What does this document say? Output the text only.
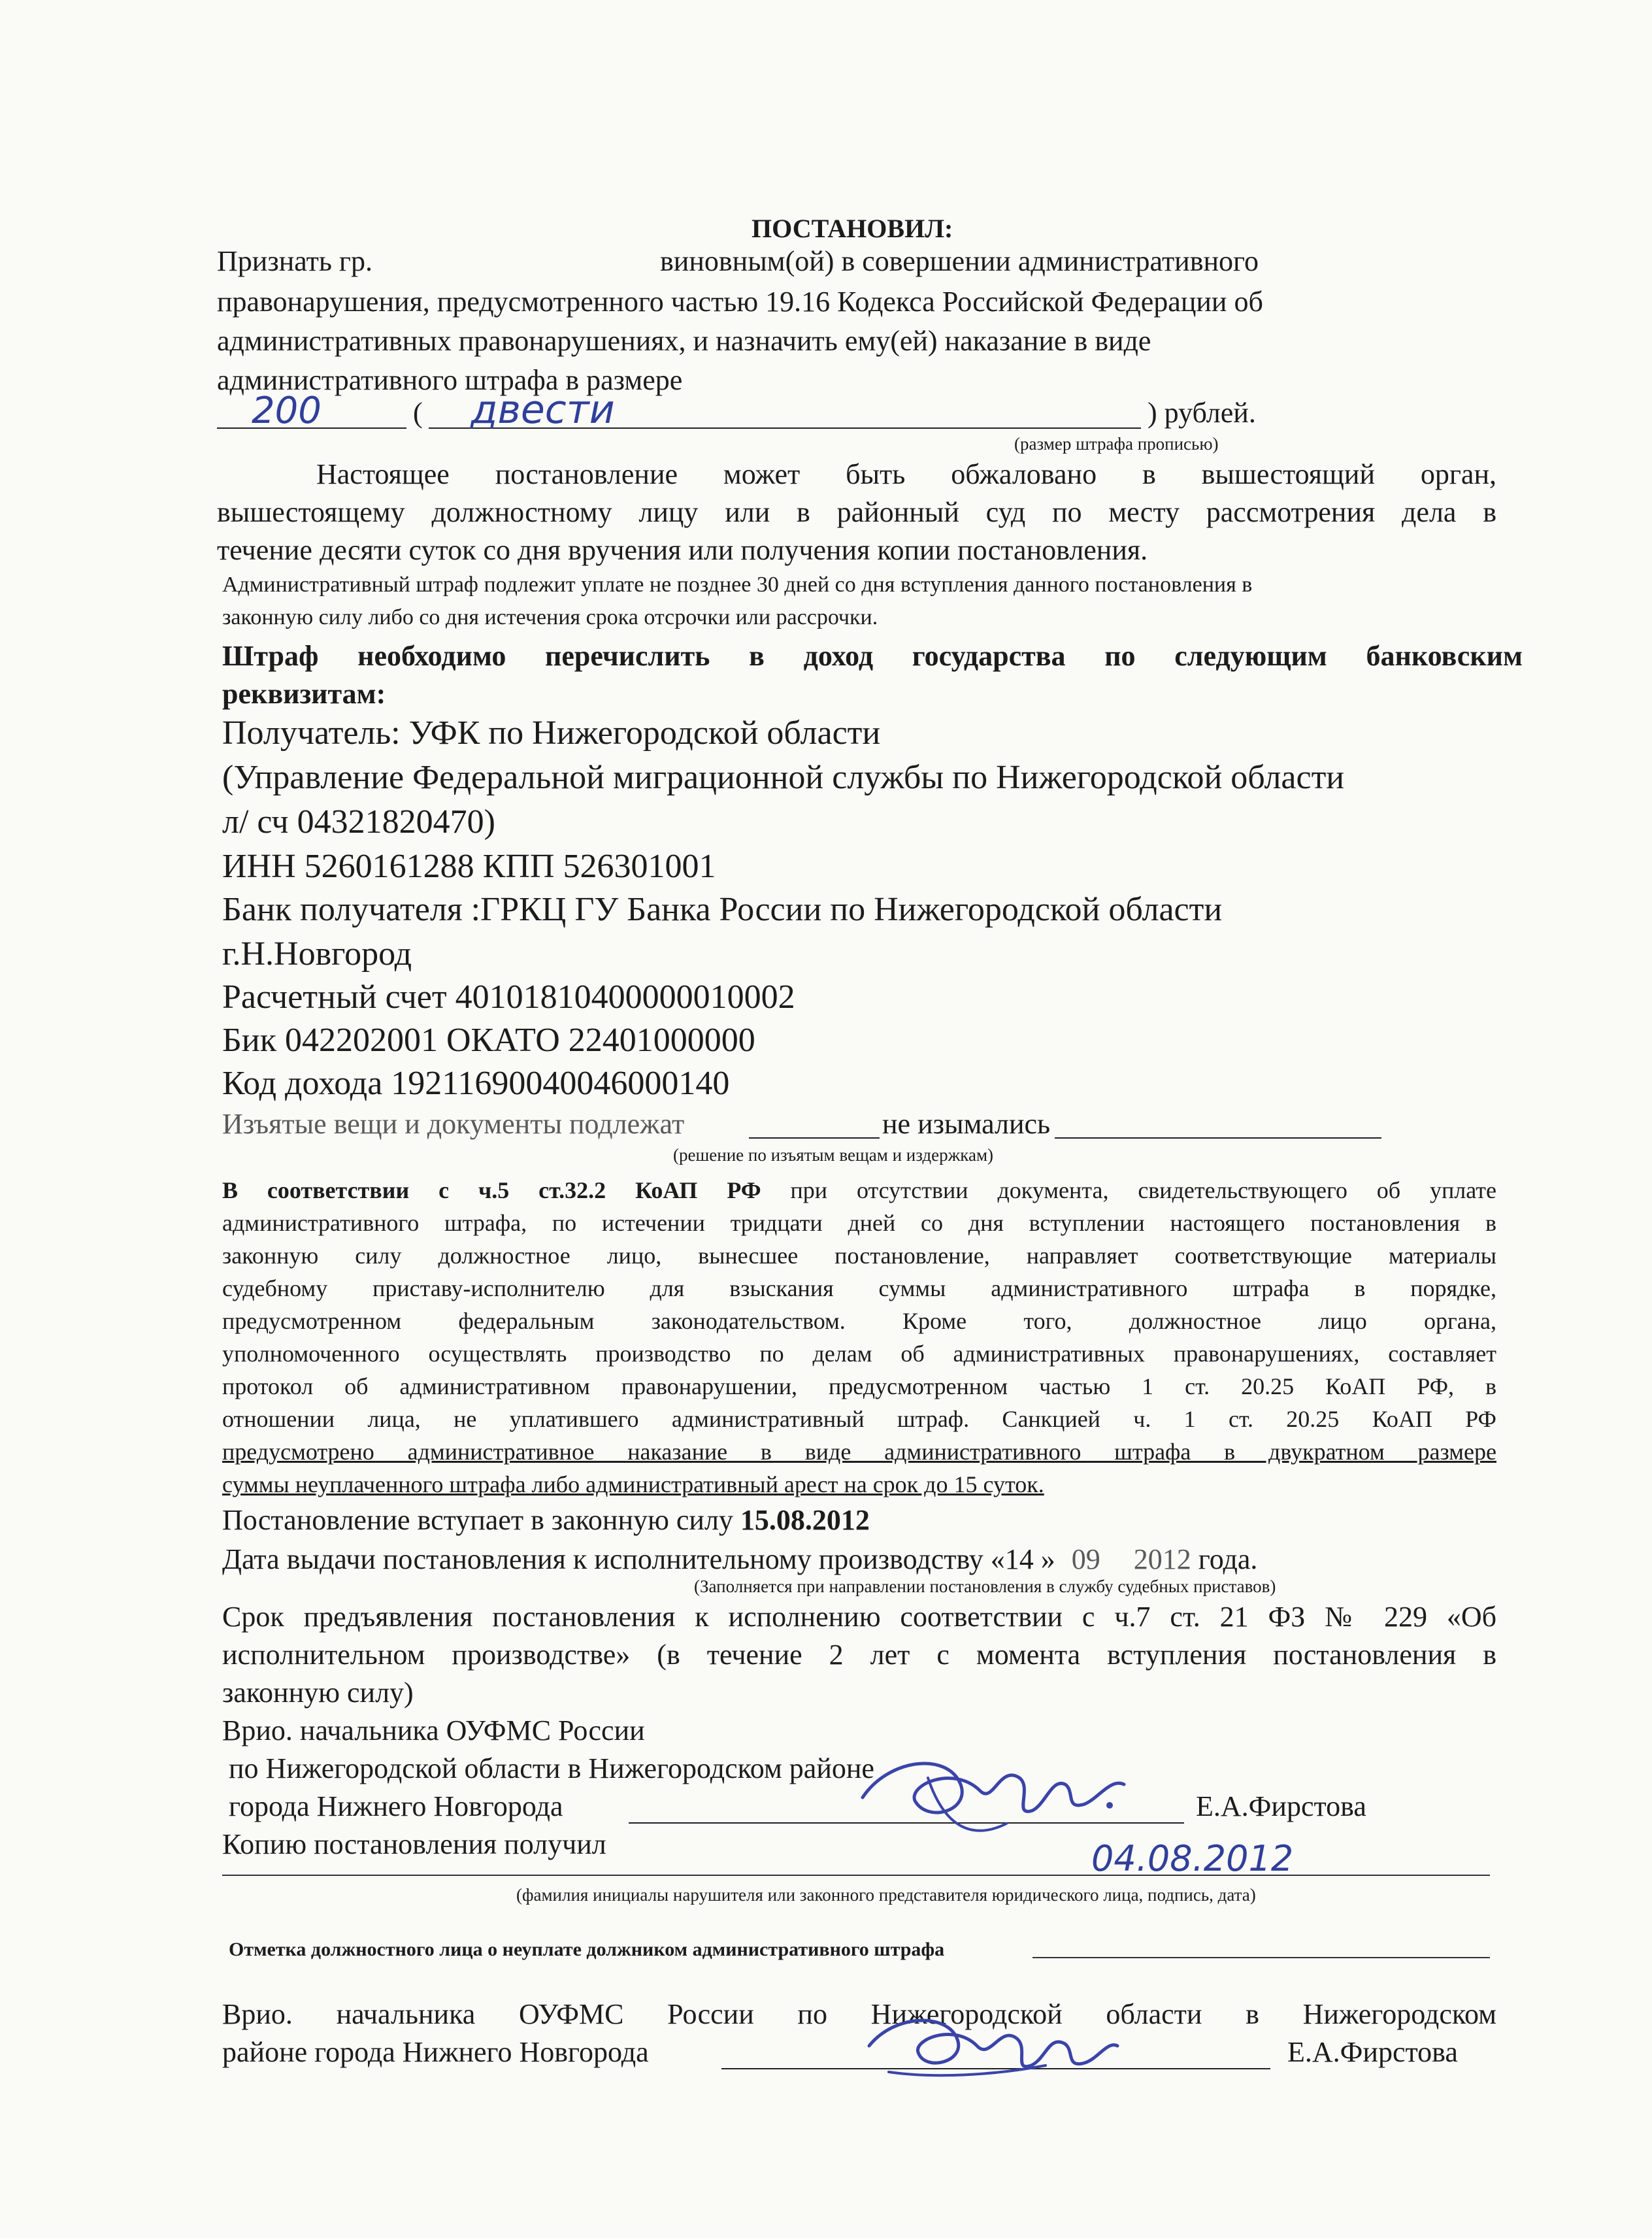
ПОСТАНОВИЛ:
Признать гр.	виновным(ой) в совершении административного
правонарушения, предусмотренного частью 19.16 Кодекса Российской Федерации об
административных правонарушениях, и назначить ему(ей) наказание в виде
административного штрафа в размере
200	( двести	) рублей.
(размер штрафа прописью)
Настоящее постановление может быть обжаловано в вышестоящий орган,
вышестоящему должностному лицу или в районный суд по месту рассмотрения дела в
течение десяти суток со дня вручения или получения копии постановления.
Административный штраф подлежит уплате не позднее 30 дней со дня вступления данного постановления в
законную силу либо со дня истечения срока отсрочки или рассрочки.
Штраф необходимо перечислить в доход государства по следующим банковским
реквизитам:
Получатель: УФК по Нижегородской области
(Управление Федеральной миграционной службы по Нижегородской области
л/ сч 04321820470)
ИНН 5260161288 КПП 526301001
Банк получателя :ГРКЦ ГУ Банка России по Нижегородской области
г.Н.Новгород
Расчетный счет 40101810400000010002
Бик 042202001 ОКАТО 22401000000
Код дохода 19211690040046000140
Изъятые вещи и документы подлежат	не изымались
(решение по изъятым вещам и издержкам)
В соответствии с ч.5 ст.32.2 КоАП РФ при отсутствии документа, свидетельствующего об уплате
административного штрафа, по истечении тридцати дней со дня вступлении настоящего постановления в
законную силу должностное лицо, вынесшее постановление, направляет соответствующие материалы
судебному приставу-исполнителю для взыскания суммы административного штрафа в порядке,
предусмотренном федеральным законодательством. Кроме того, должностное лицо органа,
уполномоченного осуществлять производство по делам об административных правонарушениях, составляет
протокол об административном правонарушении, предусмотренном частью 1 ст. 20.25 КоАП РФ, в
отношении лица, не уплатившего административный штраф. Санкцией ч. 1 ст. 20.25 КоАП РФ
предусмотрено административное наказание в виде административного штрафа в двукратном размере
суммы неуплаченного штрафа либо административный арест на срок до 15 суток.
Постановление вступает в законную силу 15.08.2012
Дата выдачи постановления к исполнительному производству «14 » 09 2012 года.
(Заполняется при направлении постановления в службу судебных приставов)
Срок предъявления постановления к исполнению соответствии с ч.7 ст. 21 ФЗ № 229 «Об
исполнительном производстве» (в течение 2 лет с момента вступления постановления в
законную силу)
Врио. начальника ОУФМС России
по Нижегородской области в Нижегородском районе
города Нижнего Новгорода	Е.А.Фирстова
Копию постановления получил	04.08.2012
(фамилия инициалы нарушителя или законного представителя юридического лица, подпись, дата)
Отметка должностного лица о неуплате должником административного штрафа
Врио. начальника ОУФМС России по Нижегородской области в Нижегородском
районе города Нижнего Новгорода	Е.А.Фирстова
